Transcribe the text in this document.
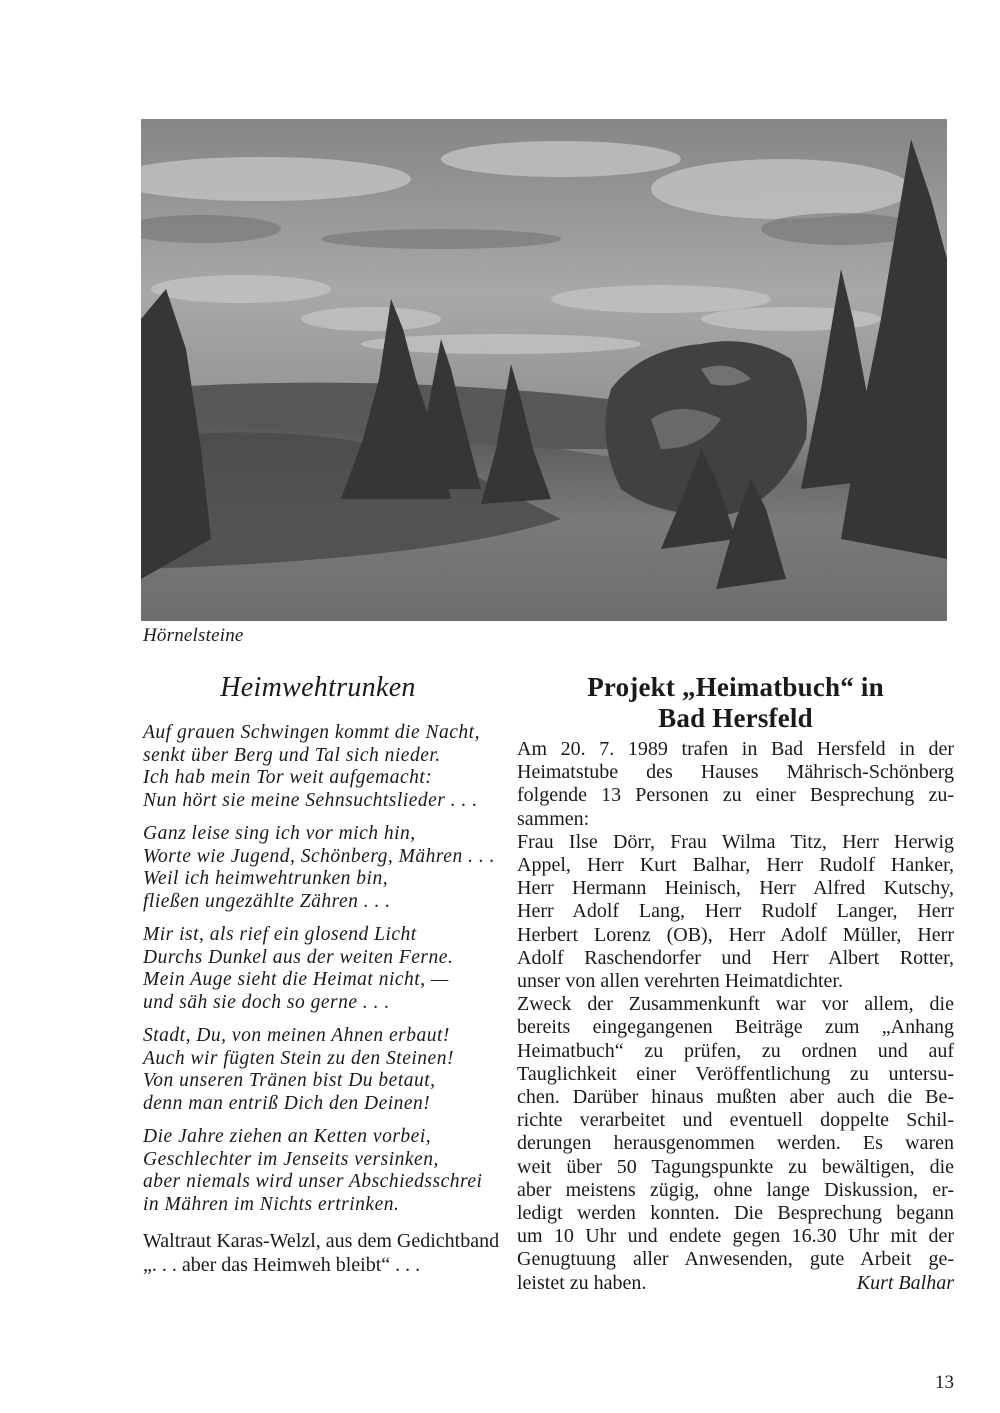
Hörnelsteine
Heimwehtrunken
Auf grauen Schwingen kommt die Nacht,
senkt über Berg und Tal sich nieder.
Ich hab mein Tor weit aufgemacht:
Nun hört sie meine Sehnsuchtslieder . . .
Ganz leise sing ich vor mich hin,
Worte wie Jugend, Schönberg, Mähren . . .
Weil ich heimwehtrunken bin,
fließen ungezählte Zähren . . .
Mir ist, als rief ein glosend Licht
Durchs Dunkel aus der weiten Ferne.
Mein Auge sieht die Heimat nicht, —
und säh sie doch so gerne . . .
Stadt, Du, von meinen Ahnen erbaut!
Auch wir fügten Stein zu den Steinen!
Von unseren Tränen bist Du betaut,
denn man entriß Dich den Deinen!
Die Jahre ziehen an Ketten vorbei,
Geschlechter im Jenseits versinken,
aber niemals wird unser Abschiedsschrei
in Mähren im Nichts ertrinken.
Waltraut Karas-Welzl, aus dem Gedichtband
„. . . aber das Heimweh bleibt“ . . .
Projekt „Heimatbuch“ in
Bad Hersfeld
Am 20. 7. 1989 trafen in Bad Hersfeld in der
Heimatstube des Hauses Mährisch-Schönberg
folgende 13 Personen zu einer Besprechung zu-
sammen:
Frau Ilse Dörr, Frau Wilma Titz, Herr Herwig
Appel, Herr Kurt Balhar, Herr Rudolf Hanker,
Herr Hermann Heinisch, Herr Alfred Kutschy,
Herr Adolf Lang, Herr Rudolf Langer, Herr
Herbert Lorenz (OB), Herr Adolf Müller, Herr
Adolf Raschendorfer und Herr Albert Rotter,
unser von allen verehrten Heimatdichter.
Zweck der Zusammenkunft war vor allem, die
bereits eingegangenen Beiträge zum „Anhang
Heimatbuch“ zu prüfen, zu ordnen und auf
Tauglichkeit einer Veröffentlichung zu untersu-
chen. Darüber hinaus mußten aber auch die Be-
richte verarbeitet und eventuell doppelte Schil-
derungen herausgenommen werden. Es waren
weit über 50 Tagungspunkte zu bewältigen, die
aber meistens zügig, ohne lange Diskussion, er-
ledigt werden konnten. Die Besprechung begann
um 10 Uhr und endete gegen 16.30 Uhr mit der
Genugtuung aller Anwesenden, gute Arbeit ge-
leistet zu haben.	Kurt Balhar
13
